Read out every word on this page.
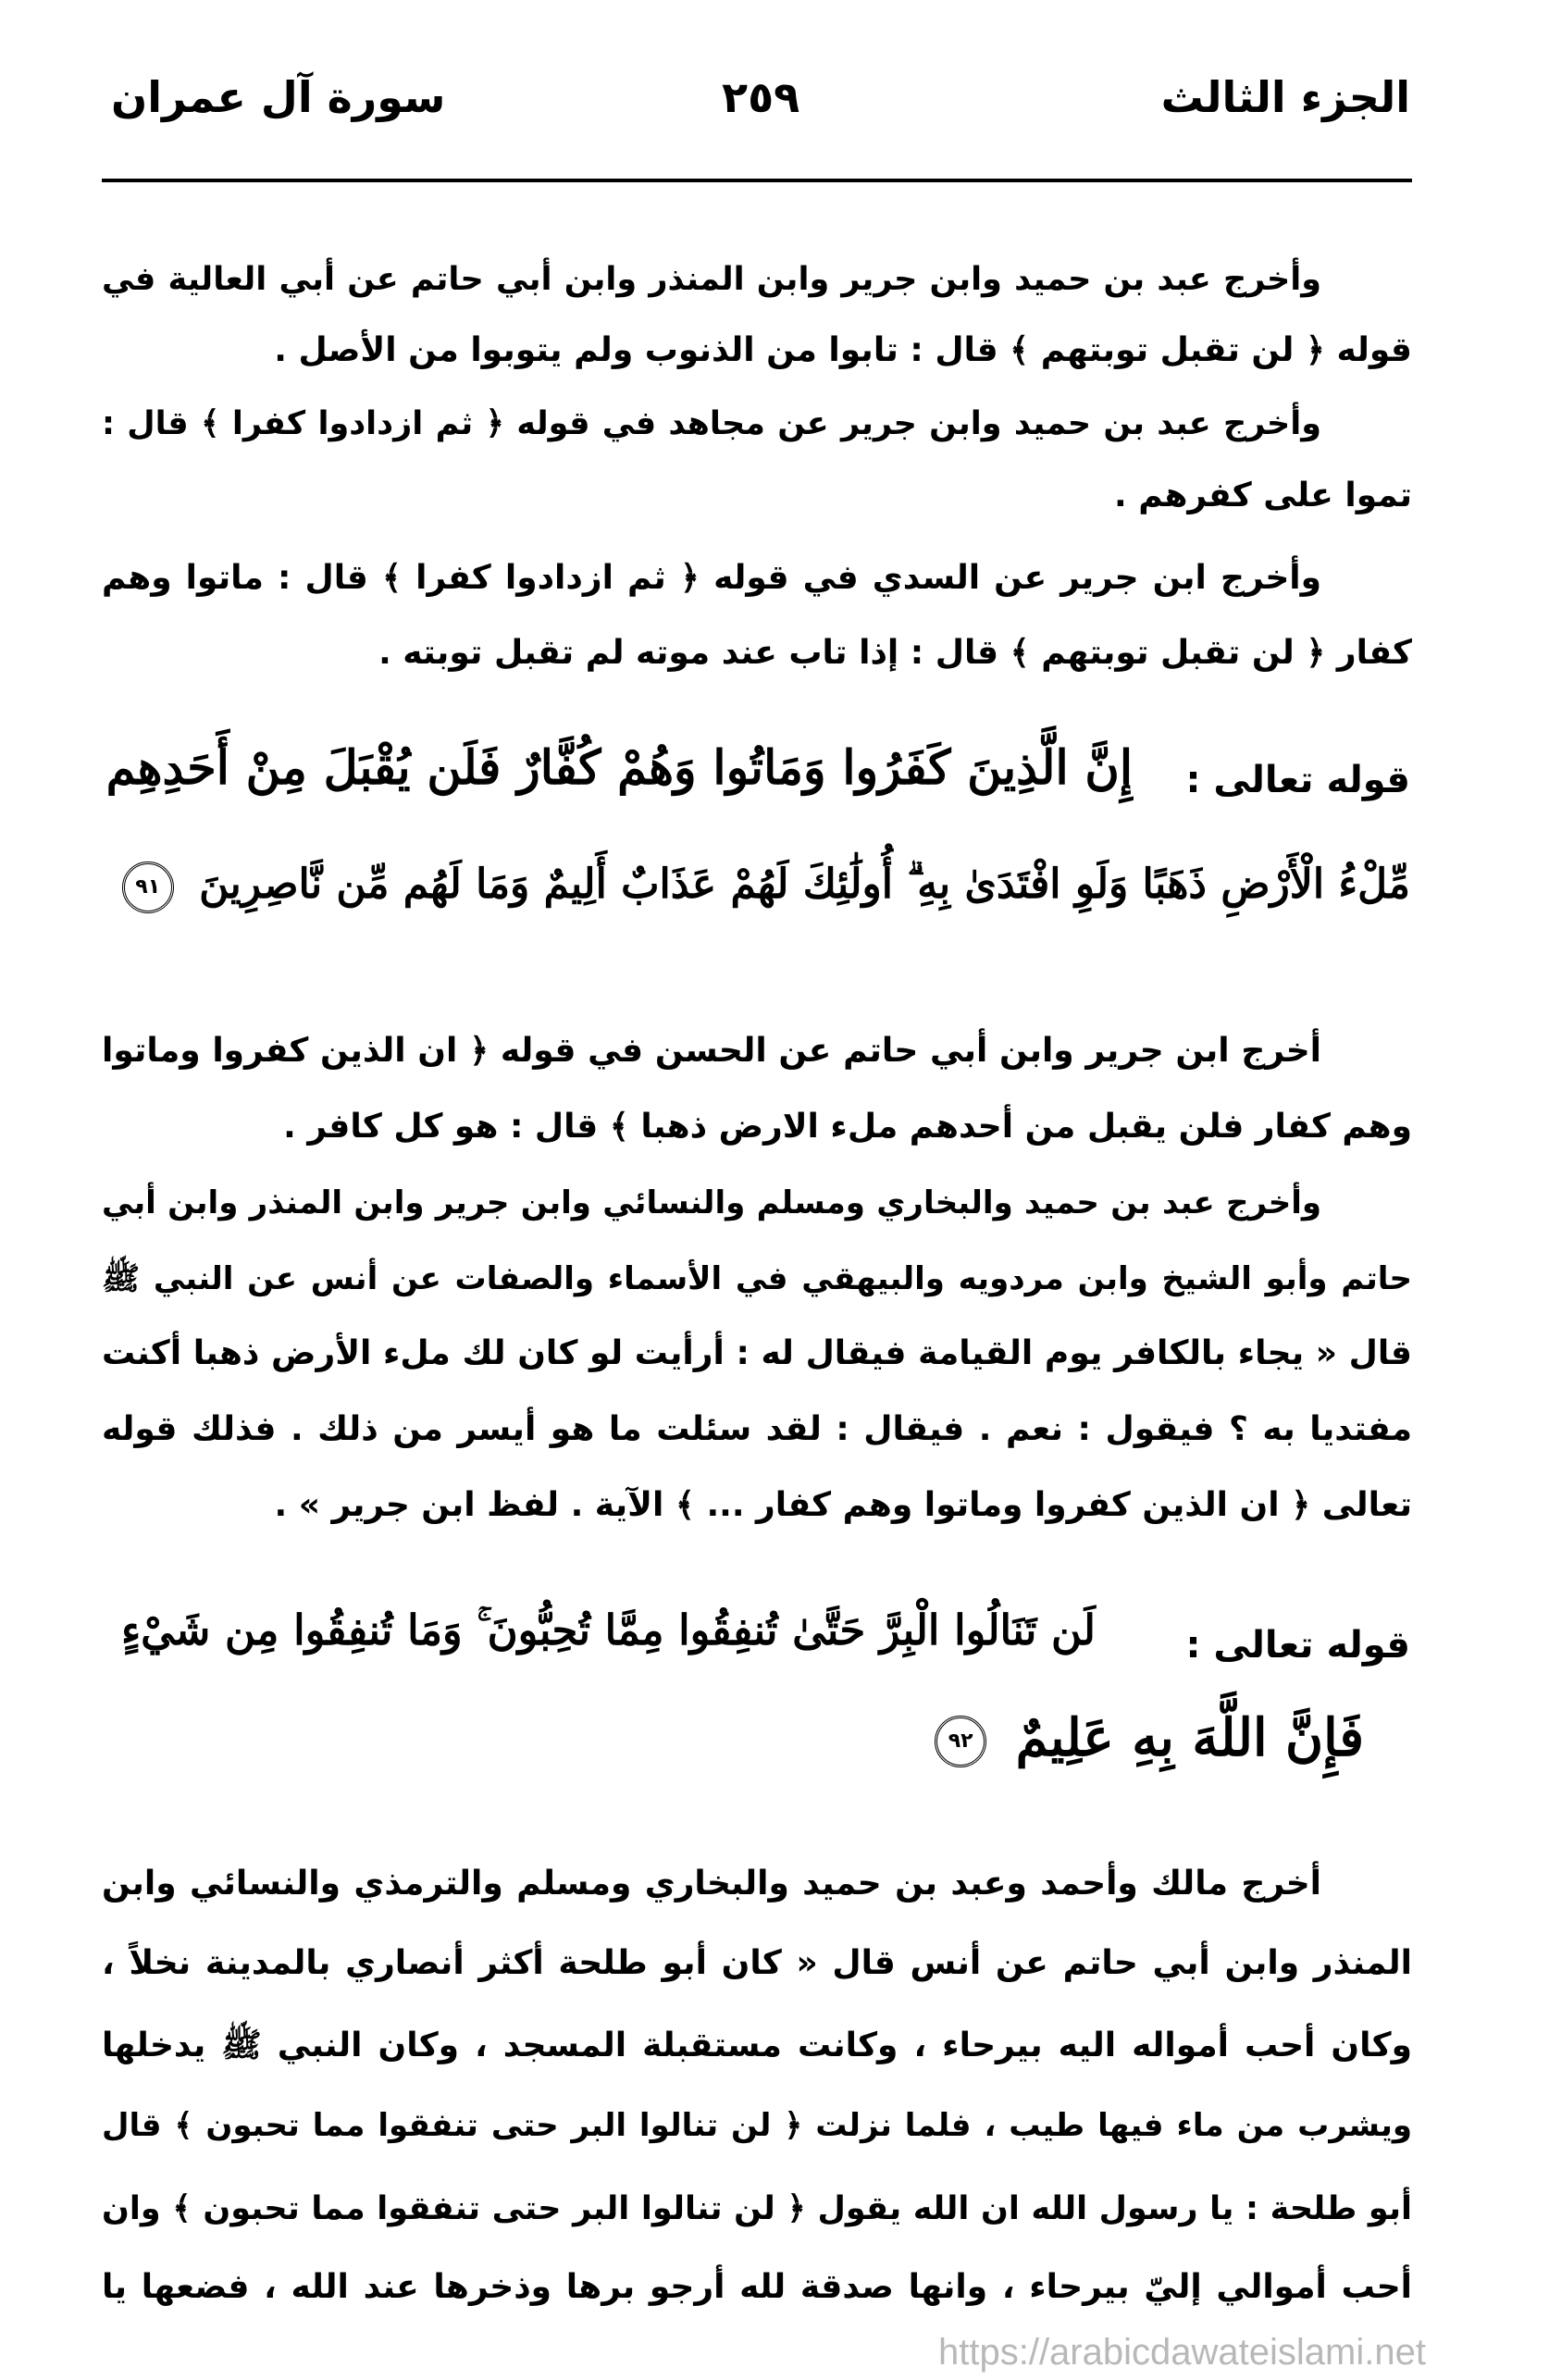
الجزء الثالث
٢٥٩
سورة آل عمران
وأخرج عبد بن حميد وابن جرير وابن المنذر وابن أبي حاتم عن أبي العالية في
قوله ﴿ لن تقبل توبتهم ﴾ قال : تابوا من الذنوب ولم يتوبوا من الأصل .
وأخرج عبد بن حميد وابن جرير عن مجاهد في قوله ﴿ ثم ازدادوا كفرا ﴾ قال :
تموا على كفرهم .
وأخرج ابن جرير عن السدي في قوله ﴿ ثم ازدادوا كفرا ﴾ قال : ماتوا وهم
كفار ﴿ لن تقبل توبتهم ﴾ قال : إذا تاب عند موته لم تقبل توبته .
قوله تعالى :
إِنَّ الَّذِينَ كَفَرُوا وَمَاتُوا وَهُمْ كُفَّارٌ فَلَن يُقْبَلَ مِنْ أَحَدِهِم
مِّلْءُ الْأَرْضِ ذَهَبًا وَلَوِ افْتَدَىٰ بِهِ ۗ أُولَٰئِكَ لَهُمْ عَذَابٌ أَلِيمٌ وَمَا لَهُم مِّن نَّاصِرِينَ ٩١
أخرج ابن جرير وابن أبي حاتم عن الحسن في قوله ﴿ ان الذين كفروا وماتوا
وهم كفار فلن يقبل من أحدهم ملء الارض ذهبا ﴾ قال : هو كل كافر .
وأخرج عبد بن حميد والبخاري ومسلم والنسائي وابن جرير وابن المنذر وابن أبي
حاتم وأبو الشيخ وابن مردويه والبيهقي في الأسماء والصفات عن أنس عن النبي ﷺ
قال « يجاء بالكافر يوم القيامة فيقال له : أرأيت لو كان لك ملء الأرض ذهبا أكنت
مفتديا به ؟ فيقول : نعم . فيقال : لقد سئلت ما هو أيسر من ذلك . فذلك قوله
تعالى ﴿ ان الذين كفروا وماتوا وهم كفار ... ﴾ الآية . لفظ ابن جرير » .
قوله تعالى :
لَن تَنَالُوا الْبِرَّ حَتَّىٰ تُنفِقُوا مِمَّا تُحِبُّونَ ۚ وَمَا تُنفِقُوا مِن شَيْءٍ
فَإِنَّ اللَّهَ بِهِ عَلِيمٌ ٩٢
أخرج مالك وأحمد وعبد بن حميد والبخاري ومسلم والترمذي والنسائي وابن
المنذر وابن أبي حاتم عن أنس قال « كان أبو طلحة أكثر أنصاري بالمدينة نخلاً ،
وكان أحب أمواله اليه بيرحاء ، وكانت مستقبلة المسجد ، وكان النبي ﷺ يدخلها
ويشرب من ماء فيها طيب ، فلما نزلت ﴿ لن تنالوا البر حتى تنفقوا مما تحبون ﴾ قال
أبو طلحة : يا رسول الله ان الله يقول ﴿ لن تنالوا البر حتى تنفقوا مما تحبون ﴾ وان
أحب أموالي إليّ بيرحاء ، وانها صدقة لله أرجو برها وذخرها عند الله ، فضعها يا
https://arabicdawateislami.net
